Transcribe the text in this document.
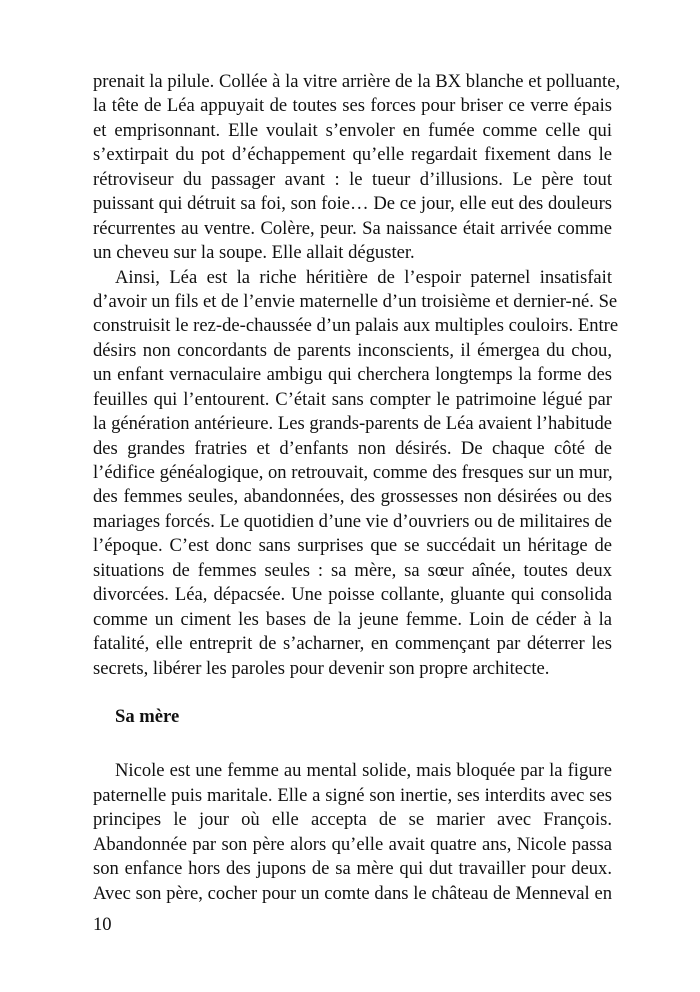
prenait la pilule. Collée à la vitre arrière de la BX blanche et polluante,
la tête de Léa appuyait de toutes ses forces pour briser ce verre épais
et emprisonnant. Elle voulait s’envoler en fumée comme celle qui
s’extirpait du pot d’échappement qu’elle regardait fixement dans le
rétroviseur du passager avant : le tueur d’illusions. Le père tout
puissant qui détruit sa foi, son foie… De ce jour, elle eut des douleurs
récurrentes au ventre. Colère, peur. Sa naissance était arrivée comme
un cheveu sur la soupe. Elle allait déguster.
Ainsi, Léa est la riche héritière de l’espoir paternel insatisfait
d’avoir un fils et de l’envie maternelle d’un troisième et dernier-né. Se
construisit le rez-de-chaussée d’un palais aux multiples couloirs. Entre
désirs non concordants de parents inconscients, il émergea du chou,
un enfant vernaculaire ambigu qui cherchera longtemps la forme des
feuilles qui l’entourent. C’était sans compter le patrimoine légué par
la génération antérieure. Les grands-parents de Léa avaient l’habitude
des grandes fratries et d’enfants non désirés. De chaque côté de
l’édifice généalogique, on retrouvait, comme des fresques sur un mur,
des femmes seules, abandonnées, des grossesses non désirées ou des
mariages forcés. Le quotidien d’une vie d’ouvriers ou de militaires de
l’époque. C’est donc sans surprises que se succédait un héritage de
situations de femmes seules : sa mère, sa sœur aînée, toutes deux
divorcées. Léa, dépacsée. Une poisse collante, gluante qui consolida
comme un ciment les bases de la jeune femme. Loin de céder à la
fatalité, elle entreprit de s’acharner, en commençant par déterrer les
secrets, libérer les paroles pour devenir son propre architecte.
Sa mère
Nicole est une femme au mental solide, mais bloquée par la figure
paternelle puis maritale. Elle a signé son inertie, ses interdits avec ses
principes le jour où elle accepta de se marier avec François.
Abandonnée par son père alors qu’elle avait quatre ans, Nicole passa
son enfance hors des jupons de sa mère qui dut travailler pour deux.
Avec son père, cocher pour un comte dans le château de Menneval en
10
